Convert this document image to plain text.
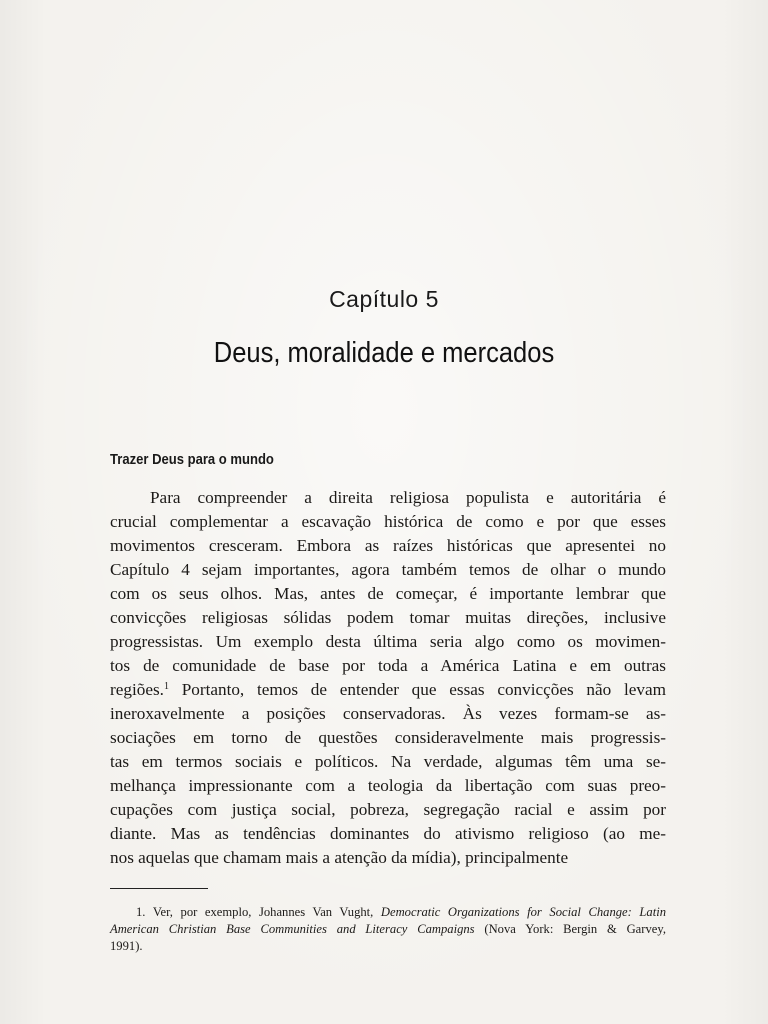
Capítulo 5
Deus, moralidade e mercados
Trazer Deus para o mundo
Para compreender a direita religiosa populista e autoritária é
crucial complementar a escavação histórica de como e por que esses
movimentos cresceram. Embora as raízes históricas que apresentei no
Capítulo 4 sejam importantes, agora também temos de olhar o mundo
com os seus olhos. Mas, antes de começar, é importante lembrar que
convicções religiosas sólidas podem tomar muitas direções, inclusive
progressistas. Um exemplo desta última seria algo como os movimen-
tos de comunidade de base por toda a América Latina e em outras
regiões.$^1$ Portanto, temos de entender que essas convicções não levam
ineroxavelmente a posições conservadoras. Às vezes formam-se as-
sociações em torno de questões consideravelmente mais progressis-
tas em termos sociais e políticos. Na verdade, algumas têm uma se-
melhança impressionante com a teologia da libertação com suas preo-
cupações com justiça social, pobreza, segregação racial e assim por
diante. Mas as tendências dominantes do ativismo religioso (ao me-
nos aquelas que chamam mais a atenção da mídia), principalmente
1. Ver, por exemplo, Johannes Van Vught, Democratic Organizations for Social Change: Latin
American Christian Base Communities and Literacy Campaigns (Nova York: Bergin & Garvey,
1991).
